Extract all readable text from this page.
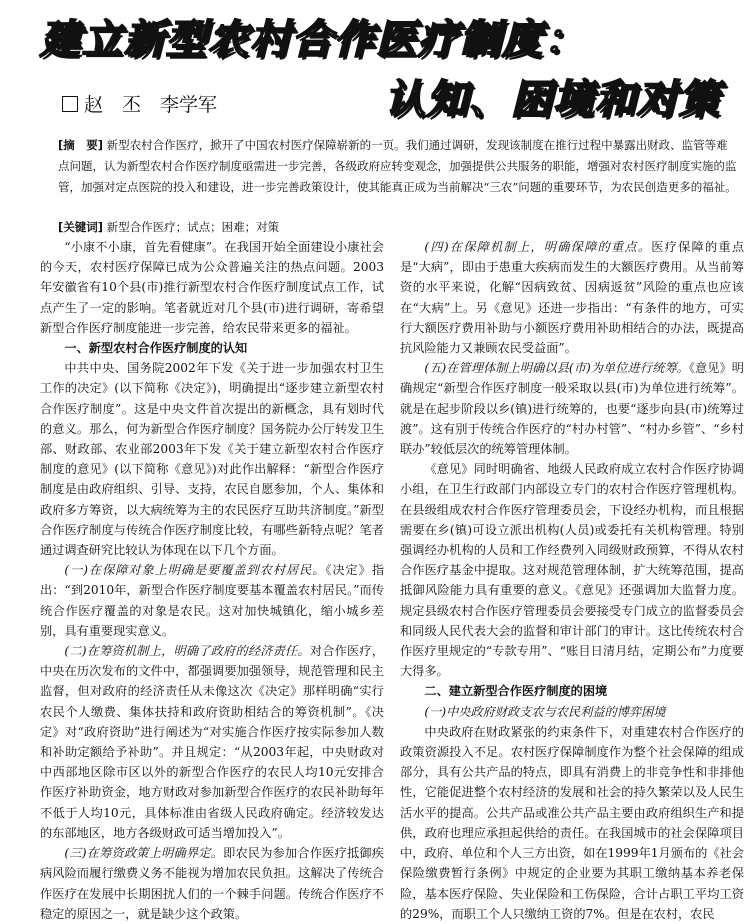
建立新型农村合作医疗制度：
认知、困境和对策
赵　丕　李学军
[摘　要] 新型农村合作医疗，掀开了中国农村医疗保障崭新的一页。我们通过调研，发现该制度在推行过程中暴露出财政、监管等难点问题，认为新型农村合作医疗制度亟需进一步完善，各级政府应转变观念，加强提供公共服务的职能，增强对农村医疗制度实施的监管，加强对定点医院的投入和建设，进一步完善政策设计，使其能真正成为当前解决“三农”问题的重要环节，为农民创造更多的福祉。
[关键词] 新型合作医疗；试点；困难；对策

“小康不小康，首先看健康”。在我国开始全面建设小康社会的今天，农村医疗保障已成为公众普遍关注的热点问题。2003年安徽省有10个县(市)推行新型农村合作医疗制度试点工作，试点产生了一定的影响。笔者就近对几个县(市)进行调研，寄希望新型合作医疗制度能进一步完善，给农民带来更多的福祉。

一、新型农村合作医疗制度的认知

中共中央、国务院2002年下发《关于进一步加强农村卫生工作的决定》(以下简称《决定》)，明确提出“逐步建立新型农村合作医疗制度”。这是中央文件首次提出的新概念，具有划时代的意义。那么，何为新型合作医疗制度？国务院办公厅转发卫生部、财政部、农业部2003年下发《关于建立新型农村合作医疗制度的意见》(以下简称《意见》)对此作出解释：“新型合作医疗制度是由政府组织、引导、支持，农民自愿参加，个人、集体和政府多方筹资，以大病统筹为主的农民医疗互助共济制度。”新型合作医疗制度与传统合作医疗制度比较，有哪些新特点呢？笔者通过调查研究比较认为体现在以下几个方面。

(一)在保障对象上明确是要覆盖到农村居民。《决定》指出：“到2010年，新型合作医疗制度要基本覆盖农村居民。”而传统合作医疗覆盖的对象是农民。这对加快城镇化，缩小城乡差别，具有重要现实意义。

(二)在筹资机制上，明确了政府的经济责任。对合作医疗，中央在历次发布的文件中，都强调要加强领导，规范管理和民主监督，但对政府的经济责任从未像这次《决定》那样明确“实行农民个人缴费、集体扶持和政府资助相结合的筹资机制”。《决定》对“政府资助”进行阐述为“对实施合作医疗按实际参加人数和补助定额给予补助”。并且规定：“从2003年起，中央财政对中西部地区除市区以外的新型合作医疗的农民人均10元安排合作医疗补助资金，地方财政对参加新型合作医疗的农民补助每年不低于人均10元，具体标准由省级人民政府确定。经济较发达的东部地区，地方各级财政可适当增加投入”。

(三)在筹资政策上明确界定。即农民为参加合作医疗抵御疾病风险而履行缴费义务不能视为增加农民负担。这解决了传统合作医疗在发展中长期困扰人们的一个棘手问题。传统合作医疗不稳定的原因之一，就是缺少这个政策。

(四)在保障机制上，明确保障的重点。医疗保障的重点是“大病”，即由于患重大疾病而发生的大额医疗费用。从当前筹资的水平来说，化解“因病致贫、因病返贫”风险的重点也应该在“大病”上。另《意见》还进一步指出：“有条件的地方，可实行大额医疗费用补助与小额医疗费用补助相结合的办法，既提高抗风险能力又兼顾农民受益面”。

(五)在管理体制上明确以县(市)为单位进行统筹。《意见》明确规定“新型合作医疗制度一般采取以县(市)为单位进行统筹”。就是在起步阶段以乡(镇)进行统筹的，也要“逐步向县(市)统筹过渡”。这有别于传统合作医疗的“村办村管”、“村办乡管”、“乡村联办”较低层次的统筹管理体制。

《意见》同时明确省、地级人民政府成立农村合作医疗协调小组，在卫生行政部门内部设立专门的农村合作医疗管理机构。在县级组成农村合作医疗管理委员会，下设经办机构，而且根据需要在乡(镇)可设立派出机构(人员)或委托有关机构管理。特别强调经办机构的人员和工作经费列入同级财政预算，不得从农村合作医疗基金中提取。这对规范管理体制，扩大统筹范围，提高抵御风险能力具有重要的意义。《意见》还强调加大监督力度。规定县级农村合作医疗管理委员会要接受专门成立的监督委员会和同级人民代表大会的监督和审计部门的审计。这比传统农村合作医疗里规定的“专款专用”、“账目日清月结，定期公布”力度要大得多。

二、建立新型合作医疗制度的困境

(一)中央政府财政支农与农民利益的博弈困境

中央政府在财政紧张的约束条件下，对重建农村合作医疗的政策资源投入不足。农村医疗保障制度作为整个社会保障的组成部分，具有公共产品的特点，即具有消费上的非竞争性和非排他性，它能促进整个农村经济的发展和社会的持久繁荣以及人民生活水平的提高。公共产品或准公共产品主要由政府组织生产和提供，政府也理应承担起供给的责任。在我国城市的社会保障项目中，政府、单位和个人三方出资，如在1999年1月颁布的《社会保险缴费暂行条例》中规定的企业要为其职工缴纳基本养老保险，基本医疗保险、失业保险和工伤保险，合计占职工平均工资的29%，而职工个人只缴纳工资的7%。但是在农村，农民
